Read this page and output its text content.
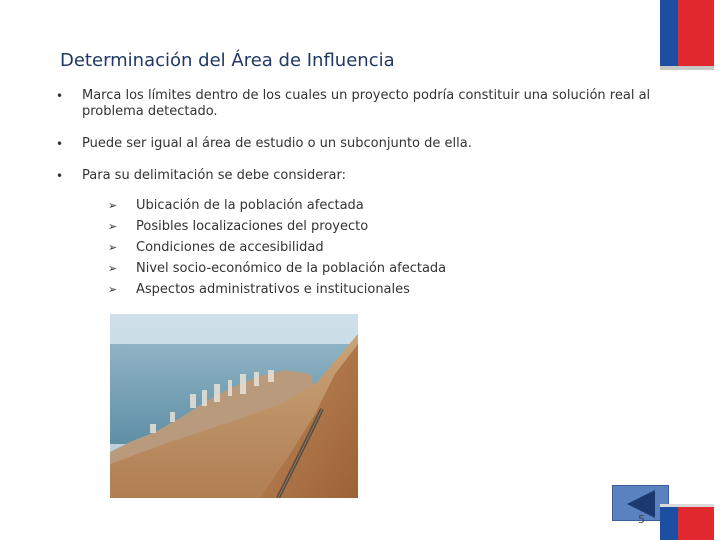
Determinación del Área de Influencia
• Marca los límites dentro de los cuales un proyecto podría constituir una solución real al problema detectado.
• Puede ser igual al área de estudio o un subconjunto de ella.
• Para su delimitación se debe considerar:
➢ Ubicación de la población afectada
➢ Posibles localizaciones del proyecto
➢ Condiciones de accesibilidad
➢ Nivel socio-económico de la población afectada
➢ Aspectos administrativos e institucionales
5
